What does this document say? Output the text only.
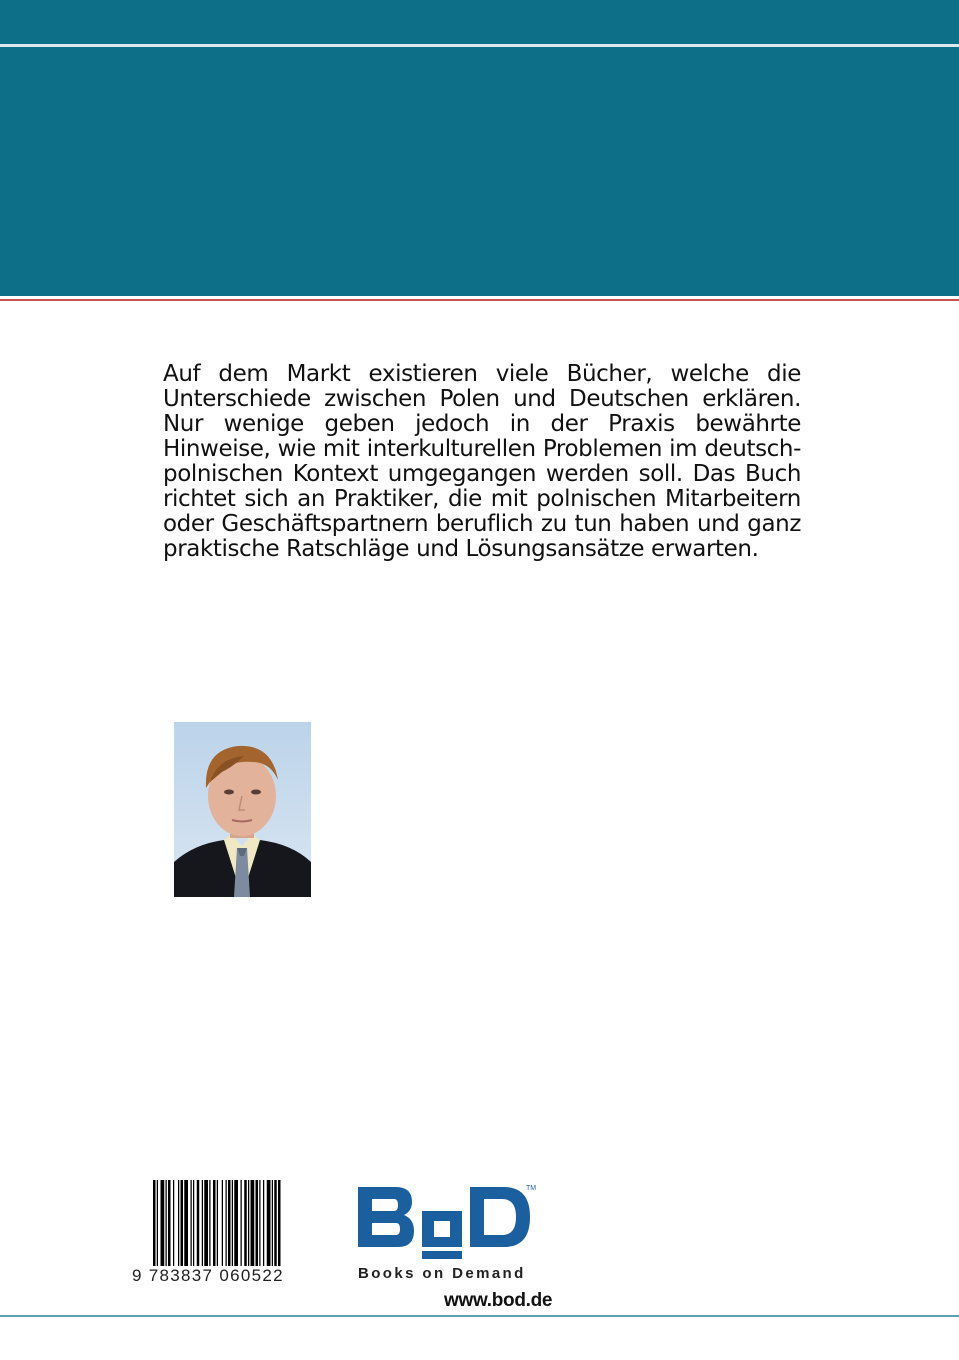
Auf dem Markt existieren viele Bücher, welche die Unterschiede zwischen Polen und Deutschen erklären. Nur wenige geben jedoch in der Praxis bewährte Hinweise, wie mit interkulturellen Problemen im deutsch-polnischen Kontext umgegangen werden soll. Das Buch richtet sich an Praktiker, die mit polnischen Mitarbeitern oder Geschäftspartnern beruflich zu tun haben und ganz praktische Ratschläge und Lösungsansätze erwarten.
9 783837 060522
TM
Books on Demand
www.bod.de
